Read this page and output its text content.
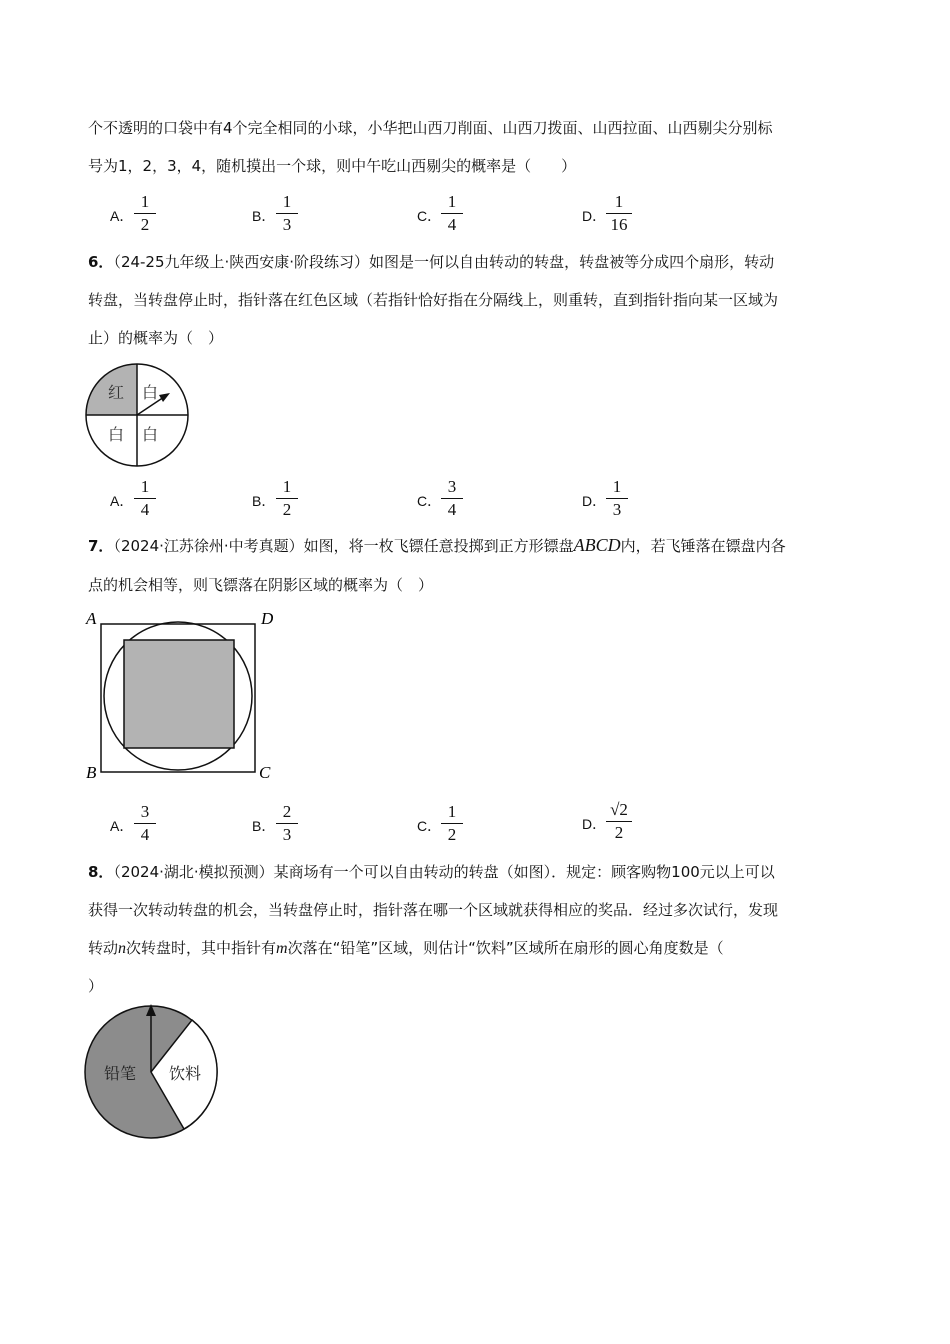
个不透明的口袋中有4个完全相同的小球，小华把山西刀削面、山西刀拨面、山西拉面、山西剔尖分别标
号为1，2，3，4，随机摸出一个球，则中午吃山西剔尖的概率是（　　）
A．
1
2	B．
1
3	C．
1
4	D．
1
16
6．（24-25九年级上·陕西安康·阶段练习）如图是一何以自由转动的转盘，转盘被等分成四个扇形，转动
转盘，当转盘停止时，指针落在红色区域（若指针恰好指在分隔线上，则重转，直到指针指向某一区域为
止）的概率为（　）
红 白
白 白
A．
1
4	B．
1
2	C．
3
4	D．
1
3
7．（2024·江苏徐州·中考真题）如图，将一枚飞镖任意投掷到正方形镖盘ABCD内，若飞锤落在镖盘内各
点的机会相等，则飞镖落在阴影区域的概率为（　）
A	D
B	C
A．
3
4	B．
2
3	C．
1
2
D．
√2
2
8．（2024·湖北·模拟预测）某商场有一个可以自由转动的转盘（如图）．规定：顾客购物100元以上可以
获得一次转动转盘的机会，当转盘停止时，指针落在哪一个区域就获得相应的奖品．经过多次试行，发现
转动n次转盘时，其中指针有m次落在“铅笔”区域，则估计“饮料”区域所在扇形的圆心角度数是（
）
铅笔 饮料
